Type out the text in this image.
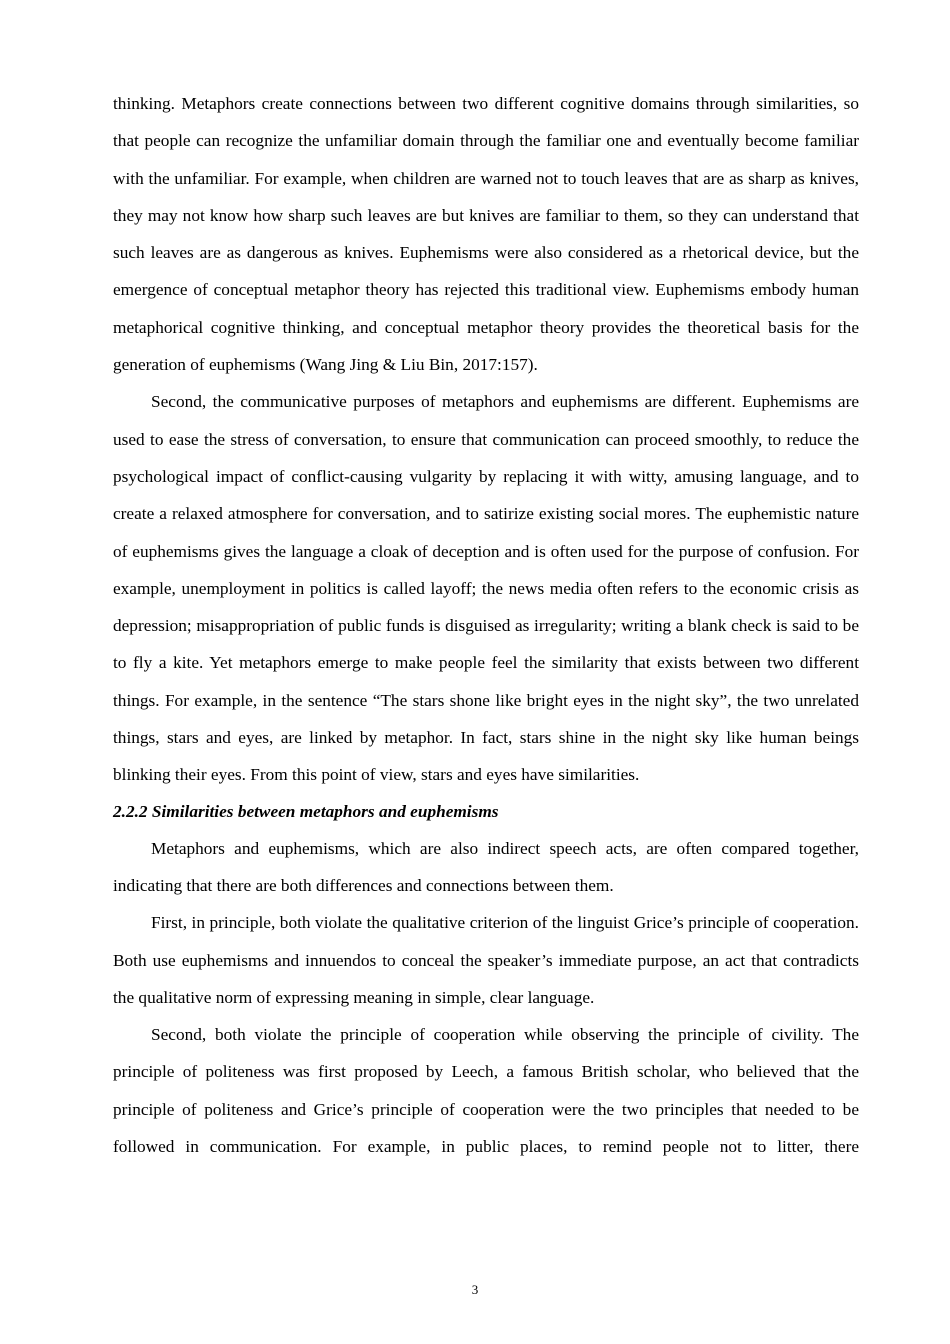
thinking. Metaphors create connections between two different cognitive domains through similarities, so that people can recognize the unfamiliar domain through the familiar one and eventually become familiar with the unfamiliar. For example, when children are warned not to touch leaves that are as sharp as knives, they may not know how sharp such leaves are but knives are familiar to them, so they can understand that such leaves are as dangerous as knives. Euphemisms were also considered as a rhetorical device, but the emergence of conceptual metaphor theory has rejected this traditional view. Euphemisms embody human metaphorical cognitive thinking, and conceptual metaphor theory provides the theoretical basis for the generation of euphemisms (Wang Jing & Liu Bin, 2017:157).

Second, the communicative purposes of metaphors and euphemisms are different. Euphemisms are used to ease the stress of conversation, to ensure that communication can proceed smoothly, to reduce the psychological impact of conflict-causing vulgarity by replacing it with witty, amusing language, and to create a relaxed atmosphere for conversation, and to satirize existing social mores. The euphemistic nature of euphemisms gives the language a cloak of deception and is often used for the purpose of confusion. For example, unemployment in politics is called layoff; the news media often refers to the economic crisis as depression; misappropriation of public funds is disguised as irregularity; writing a blank check is said to be to fly a kite. Yet metaphors emerge to make people feel the similarity that exists between two different things. For example, in the sentence “The stars shone like bright eyes in the night sky”, the two unrelated things, stars and eyes, are linked by metaphor. In fact, stars shine in the night sky like human beings blinking their eyes. From this point of view, stars and eyes have similarities.

2.2.2 Similarities between metaphors and euphemisms

Metaphors and euphemisms, which are also indirect speech acts, are often compared together, indicating that there are both differences and connections between them.

First, in principle, both violate the qualitative criterion of the linguist Grice’s principle of cooperation. Both use euphemisms and innuendos to conceal the speaker’s immediate purpose, an act that contradicts the qualitative norm of expressing meaning in simple, clear language.

Second, both violate the principle of cooperation while observing the principle of civility. The principle of politeness was first proposed by Leech, a famous British scholar, who believed that the principle of politeness and Grice’s principle of cooperation were the two principles that needed to be followed in communication. For example, in public places, to remind people not to litter, there

3
